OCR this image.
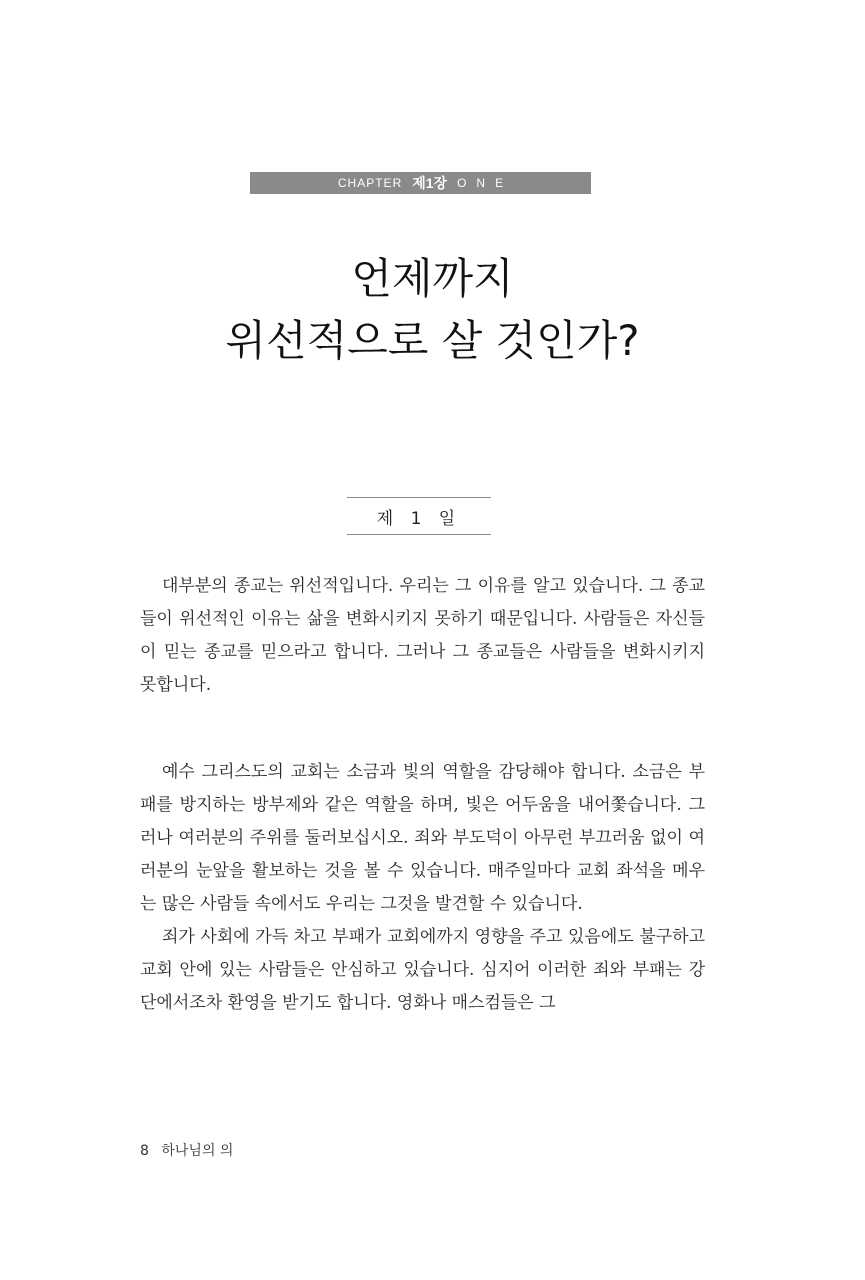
CHAPTER 제1장 ONE
언제까지
위선적으로 살 것인가?
제 1 일

대부분의 종교는 위선적입니다. 우리는 그 이유를 알고 있습니다. 그 종교들이 위선적인 이유는 삶을 변화시키지 못하기 때문입니다. 사람들은 자신들이 믿는 종교를 믿으라고 합니다. 그러나 그 종교들은 사람들을 변화시키지 못합니다.

예수 그리스도의 교회는 소금과 빛의 역할을 감당해야 합니다. 소금은 부패를 방지하는 방부제와 같은 역할을 하며, 빛은 어두움을 내어쫓습니다. 그러나 여러분의 주위를 둘러보십시오. 죄와 부도덕이 아무런 부끄러움 없이 여러분의 눈앞을 활보하는 것을 볼 수 있습니다. 매주일마다 교회 좌석을 메우는 많은 사람들 속에서도 우리는 그것을 발견할 수 있습니다.

죄가 사회에 가득 차고 부패가 교회에까지 영향을 주고 있음에도 불구하고 교회 안에 있는 사람들은 안심하고 있습니다. 심지어 이러한 죄와 부패는 강단에서조차 환영을 받기도 합니다. 영화나 매스컴들은 그

8 하나님의 의
